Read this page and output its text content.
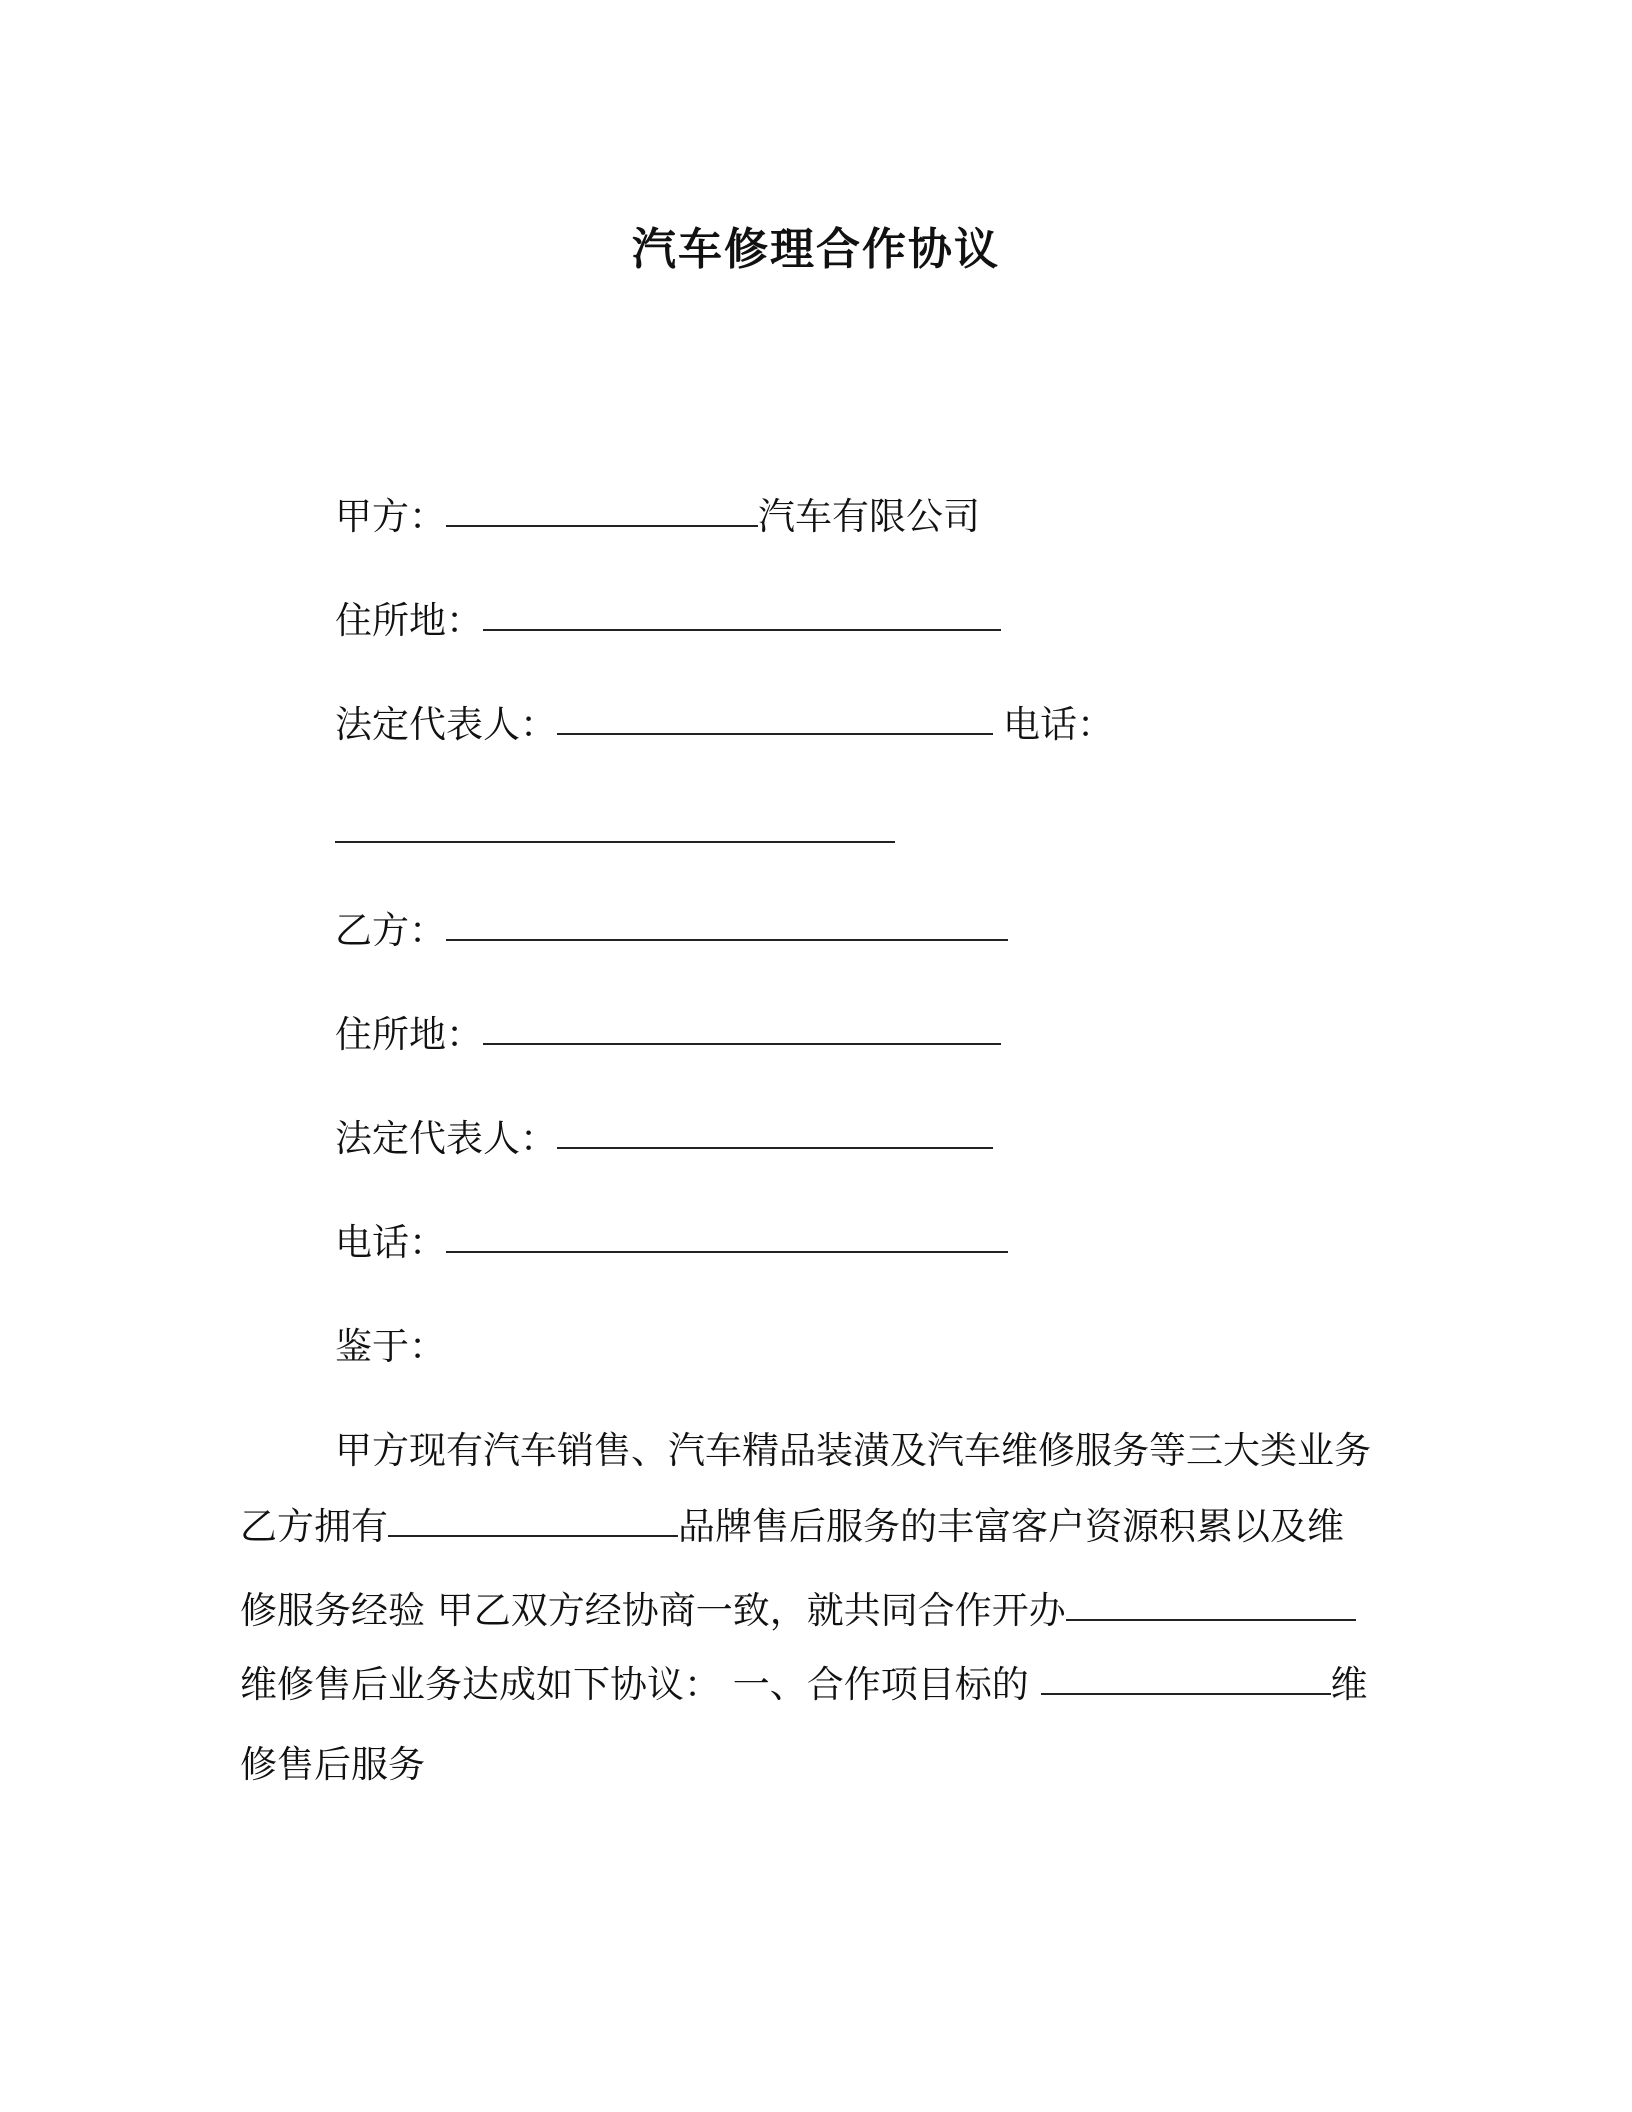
汽车修理合作协议
甲方：	汽车有限公司
住所地：
法定代表人：	电话：
乙方：
住所地：
法定代表人：
电话：
鉴于：
甲方现有汽车销售、汽车精品装潢及汽车维修服务等三大类业务
乙方拥有	品牌售后服务的丰富客户资源积累以及维
修服务经验 甲乙双方经协商一致，就共同合作开办
维修售后业务达成如下协议： 一、合作项目标的	维
修售后服务
